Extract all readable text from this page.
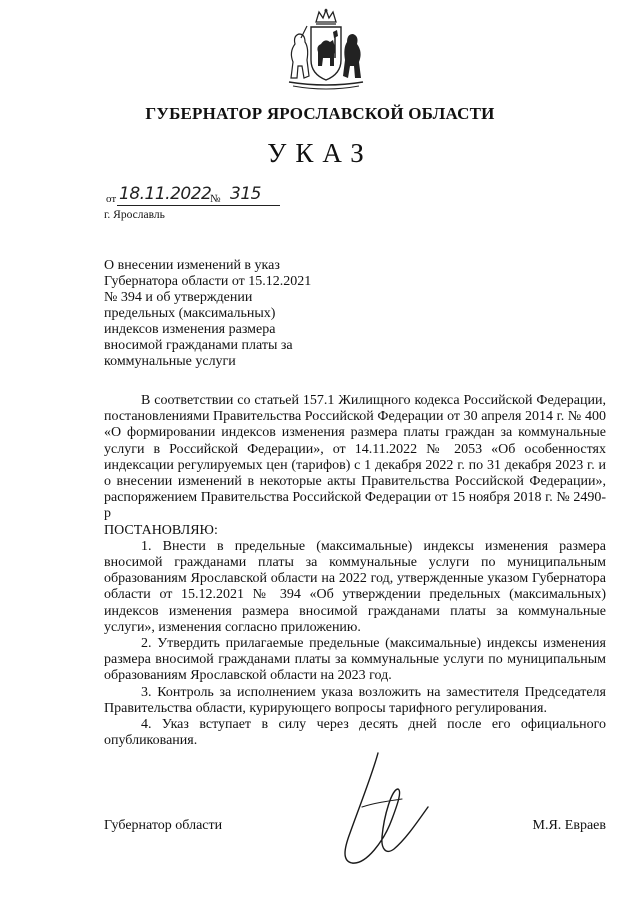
ГУБЕРНАТОР ЯРОСЛАВСКОЙ ОБЛАСТИ
УКАЗ
от 18.11.2022
№ 315
г. Ярославль
О внесении изменений в указ
Губернатора области от 15.12.2021
№ 394 и об утверждении
предельных (максимальных)
индексов изменения размера
вносимой гражданами платы за
коммунальные услуги

В соответствии со статьей 157.1 Жилищного кодекса Российской Федерации, постановлениями Правительства Российской Федерации от 30 апреля 2014 г. № 400 «О формировании индексов изменения размера платы граждан за коммунальные услуги в Российской Федерации», от 14.11.2022 № 2053 «Об особенностях индексации регулируемых цен (тарифов) с 1 декабря 2022 г. по 31 декабря 2023 г. и о внесении изменений в некоторые акты Правительства Российской Федерации», распоряжением Правительства Российской Федерации от 15 ноября 2018 г. № 2490-р

ПОСТАНОВЛЯЮ:

1. Внести в предельные (максимальные) индексы изменения размера вносимой гражданами платы за коммунальные услуги по муниципальным образованиям Ярославской области на 2022 год, утвержденные указом Губернатора области от 15.12.2021 № 394 «Об утверждении предельных (максимальных) индексов изменения размера вносимой гражданами платы за коммунальные услуги», изменения согласно приложению.

2. Утвердить прилагаемые предельные (максимальные) индексы изменения размера вносимой гражданами платы за коммунальные услуги по муниципальным образованиям Ярославской области на 2023 год.

3. Контроль за исполнением указа возложить на заместителя Председателя Правительства области, курирующего вопросы тарифного регулирования.

4. Указ вступает в силу через десять дней после его официального опубликования.

Губернатор области	М.Я. Евраев
